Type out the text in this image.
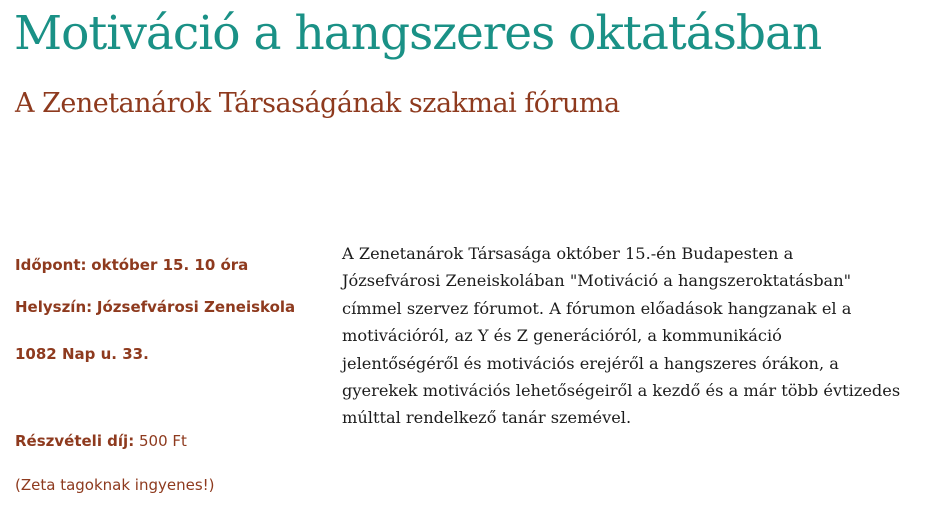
Motiváció a hangszeres oktatásban
A Zenetanárok Társaságának szakmai fóruma
Időpont: október 15. 10 óra
Helyszín: Józsefvárosi Zeneiskola
1082 Nap u. 33.
Részvételi díj: 500 Ft
(Zeta tagoknak ingyenes!)
A Zenetanárok Társasága október 15.-én Budapesten a
Józsefvárosi Zeneiskolában "Motiváció a hangszeroktatásban"
címmel szervez fórumot. A fórumon előadások hangzanak el a
motivációról, az Y és Z generációról, a kommunikáció
jelentőségéről és motivációs erejéről a hangszeres órákon, a
gyerekek motivációs lehetőségeiről a kezdő és a már több évtizedes
múlttal rendelkező tanár szemével.
